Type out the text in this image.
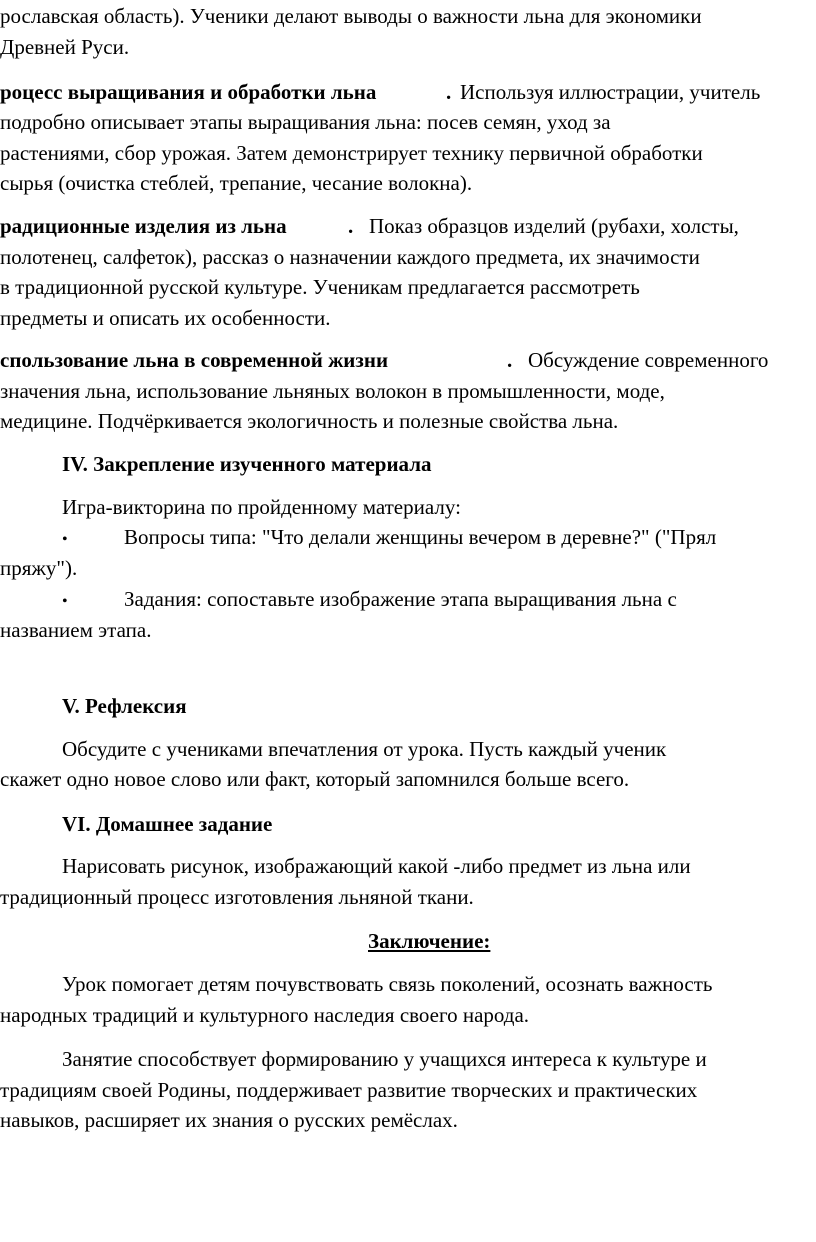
рославская область). Ученики делают выводы о важности льна для экономики
Древней Руси.
роцесс выращивания и обработки льна	. Используя иллюстрации, учитель
подробно описывает этапы выращивания льна: посев семян, уход за
растениями, сбор урожая. Затем демонстрирует технику первичной обработки
сырья (очистка стеблей, трепание, чесание волокна).
радиционные изделия из льна	. Показ образцов изделий (рубахи, холсты,
полотенец, салфеток), рассказ о назначении каждого предмета, их значимости
в традиционной русской культуре. Ученикам предлагается рассмотреть
предметы и описать их особенности.
спользование льна в современной жизни	. Обсуждение современного
значения льна, использование льняных волокон в промышленности, моде,
медицине. Подчёркивается экологичность и полезные свойства льна.
IV. Закрепление изученного материала
Игра-викторина по пройденному материалу:
•	Вопросы типа: "Что делали женщины вечером в деревне?" ("Прял
пряжу").
•	Задания: сопоставьте изображение этапа выращивания льна с
названием этапа.
V. Рефлексия
Обсудите с учениками впечатления от урока. Пусть каждый ученик
скажет одно новое слово или факт, который запомнился больше всего.
VI. Домашнее задание
Нарисовать рисунок, изображающий какой -либо предмет из льна или
традиционный процесс изготовления льняной ткани.
Заключение:
Урок помогает детям почувствовать связь поколений, осознать важность
народных традиций и культурного наследия своего народа.
Занятие способствует формированию у учащихся интереса к культуре и
традициям своей Родины, поддерживает развитие творческих и практических
навыков, расширяет их знания о русских ремёслах.
